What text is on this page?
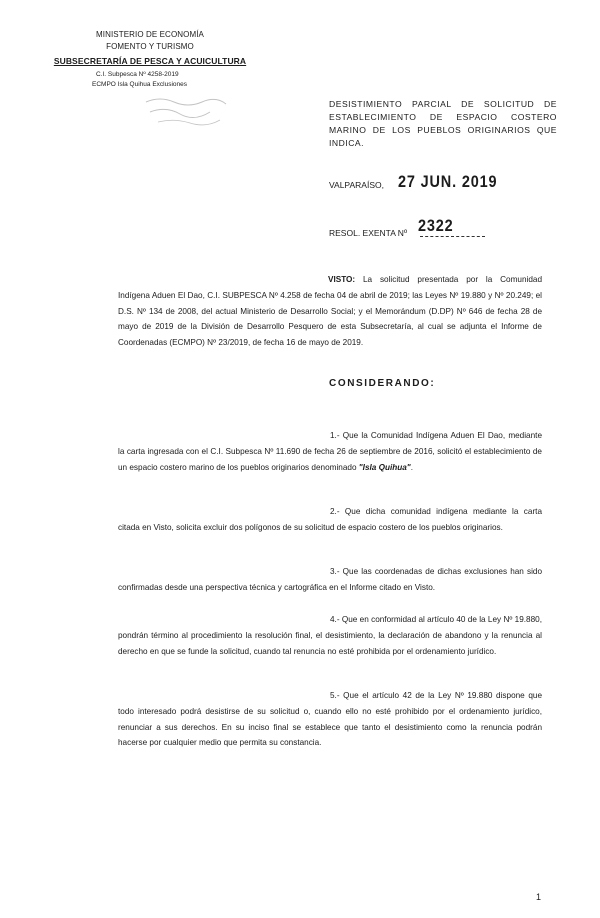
MINISTERIO DE ECONOMÍA
FOMENTO Y TURISMO
SUBSECRETARÍA DE PESCA Y ACUICULTURA
C.I. Subpesca Nº 4258-2019
ECMPO Isla Quihua Exclusiones
DESISTIMIENTO PARCIAL DE SOLICITUD DE ESTABLECIMIENTO DE ESPACIO COSTERO MARINO DE LOS PUEBLOS ORIGINARIOS QUE INDICA.
VALPARAÍSO, 27 JUN. 2019
RESOL. EXENTA Nº 2322
VISTO: La solicitud presentada por la Comunidad Indígena Aduen El Dao, C.I. SUBPESCA Nº 4.258 de fecha 04 de abril de 2019; las Leyes Nº 19.880 y Nº 20.249; el D.S. Nº 134 de 2008, del actual Ministerio de Desarrollo Social; y el Memorándum (D.DP) Nº 646 de fecha 28 de mayo de 2019 de la División de Desarrollo Pesquero de esta Subsecretaría, al cual se adjunta el Informe de Coordenadas (ECMPO) Nº 23/2019, de fecha 16 de mayo de 2019.
CONSIDERANDO:
1.- Que la Comunidad Indígena Aduen El Dao, mediante la carta ingresada con el C.I. Subpesca Nº 11.690 de fecha 26 de septiembre de 2016, solicitó el establecimiento de un espacio costero marino de los pueblos originarios denominado "Isla Quihua".
2.- Que dicha comunidad indígena mediante la carta citada en Visto, solicita excluir dos polígonos de su solicitud de espacio costero de los pueblos originarios.
3.- Que las coordenadas de dichas exclusiones han sido confirmadas desde una perspectiva técnica y cartográfica en el Informe citado en Visto.
4.- Que en conformidad al artículo 40 de la Ley Nº 19.880, pondrán término al procedimiento la resolución final, el desistimiento, la declaración de abandono y la renuncia al derecho en que se funde la solicitud, cuando tal renuncia no esté prohibida por el ordenamiento jurídico.
5.- Que el artículo 42 de la Ley Nº 19.880 dispone que todo interesado podrá desistirse de su solicitud o, cuando ello no esté prohibido por el ordenamiento jurídico, renunciar a sus derechos. En su inciso final se establece que tanto el desistimiento como la renuncia podrán hacerse por cualquier medio que permita su constancia.
1
